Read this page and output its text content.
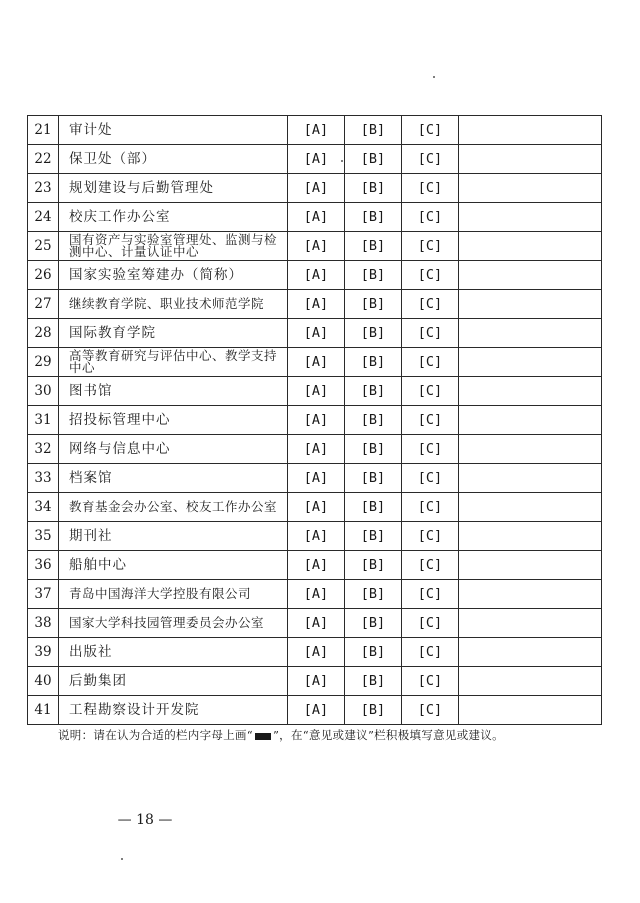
21	审计处	[A]	[B]	[C]	
22	保卫处（部）	[A]	[B]	[C]	
23	规划建设与后勤管理处	[A]	[B]	[C]	
24	校庆工作办公室	[A]	[B]	[C]	
25	国有资产与实验室管理处、监测与检测中心、计量认证中心	[A]	[B]	[C]	
26	国家实验室筹建办（简称）	[A]	[B]	[C]	
27	继续教育学院、职业技术师范学院	[A]	[B]	[C]	
28	国际教育学院	[A]	[B]	[C]	
29	高等教育研究与评估中心、教学支持中心	[A]	[B]	[C]	
30	图书馆	[A]	[B]	[C]	
31	招投标管理中心	[A]	[B]	[C]	
32	网络与信息中心	[A]	[B]	[C]	
33	档案馆	[A]	[B]	[C]	
34	教育基金会办公室、校友工作办公室	[A]	[B]	[C]	
35	期刊社	[A]	[B]	[C]	
36	船舶中心	[A]	[B]	[C]	
37	青岛中国海洋大学控股有限公司	[A]	[B]	[C]	
38	国家大学科技园管理委员会办公室	[A]	[B]	[C]	
39	出版社	[A]	[B]	[C]	
40	后勤集团	[A]	[B]	[C]	
41	工程勘察设计开发院	[A]	[B]	[C]	
说明：请在认为合适的栏内字母上画“ ”，在“意见或建议”栏积极填写意见或建议。
— 18 —
